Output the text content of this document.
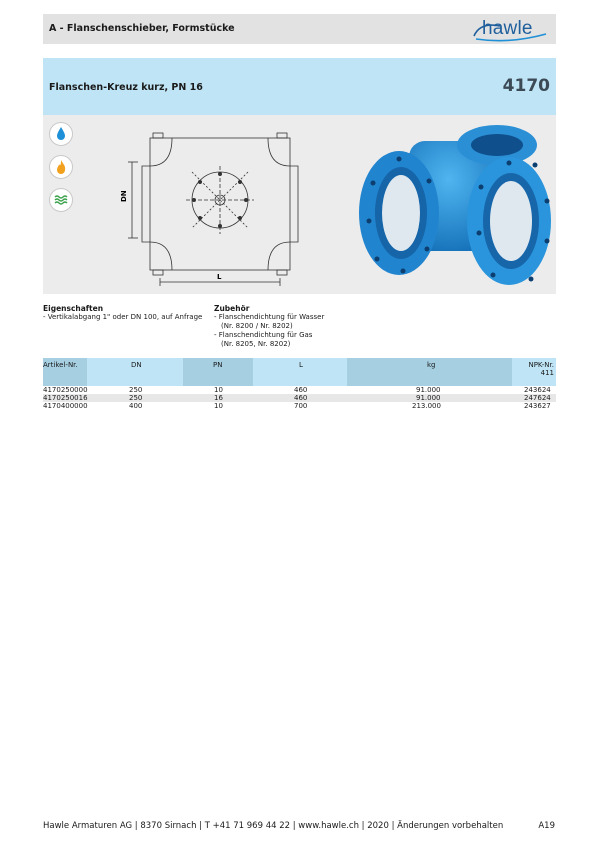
A - Flanschenschieber, Formstücke	hawle
Flanschen-Kreuz kurz, PN 16	4170
DN
L
Eigenschaften
- Vertikalabgang 1" oder DN 100, auf Anfrage
Zubehör
- Flanschendichtung für Wasser
(Nr. 8200 / Nr. 8202)
- Flanschendichtung für Gas
(Nr. 8205, Nr. 8202)
Artikel-Nr.	DN	PN	L	kg	NPK-Nr. 411
4170250000	250	10	460	91.000	243624
4170250016	250	16	460	91.000	247624
4170400000	400	10	700	213.000	243627
Hawle Armaturen AG | 8370 Sirnach | T +41 71 969 44 22 | www.hawle.ch | 2020 | Änderungen vorbehalten	A19
